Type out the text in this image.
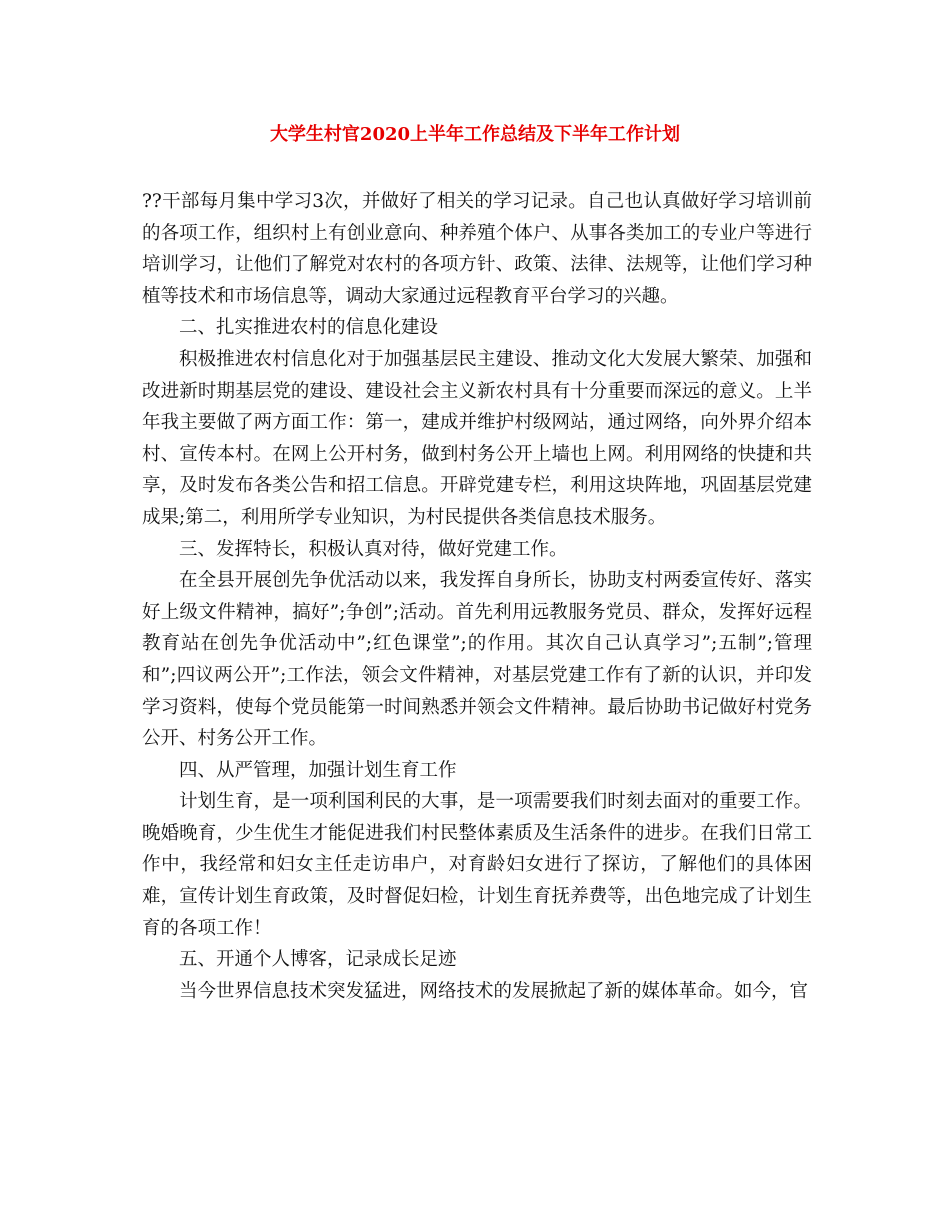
大学生村官2020上半年工作总结及下半年工作计划

??干部每月集中学习3次，并做好了相关的学习记录。自己也认真做好学习培训前的各项工作，组织村上有创业意向、种养殖个体户、从事各类加工的专业户等进行培训学习，让他们了解党对农村的各项方针、政策、法律、法规等，让他们学习种植等技术和市场信息等，调动大家通过远程教育平台学习的兴趣。

二、扎实推进农村的信息化建设

积极推进农村信息化对于加强基层民主建设、推动文化大发展大繁荣、加强和改进新时期基层党的建设、建设社会主义新农村具有十分重要而深远的意义。上半年我主要做了两方面工作：第一，建成并维护村级网站，通过网络，向外界介绍本村、宣传本村。在网上公开村务，做到村务公开上墙也上网。利用网络的快捷和共享，及时发布各类公告和招工信息。开辟党建专栏，利用这块阵地，巩固基层党建成果;第二，利用所学专业知识，为村民提供各类信息技术服务。

三、发挥特长，积极认真对待，做好党建工作。

在全县开展创先争优活动以来，我发挥自身所长，协助支村两委宣传好、落实好上级文件精神，搞好”;争创”;活动。首先利用远教服务党员、群众，发挥好远程教育站在创先争优活动中”;红色课堂”;的作用。其次自己认真学习”;五制”;管理和”;四议两公开”;工作法，领会文件精神，对基层党建工作有了新的认识，并印发学习资料，使每个党员能第一时间熟悉并领会文件精神。最后协助书记做好村党务公开、村务公开工作。

四、从严管理，加强计划生育工作

计划生育，是一项利国利民的大事，是一项需要我们时刻去面对的重要工作。晚婚晚育，少生优生才能促进我们村民整体素质及生活条件的进步。在我们日常工作中，我经常和妇女主任走访串户，对育龄妇女进行了探访，了解他们的具体困难，宣传计划生育政策，及时督促妇检，计划生育抚养费等，出色地完成了计划生育的各项工作！

五、开通个人博客，记录成长足迹

当今世界信息技术突发猛进，网络技术的发展掀起了新的媒体革命。如今，官
